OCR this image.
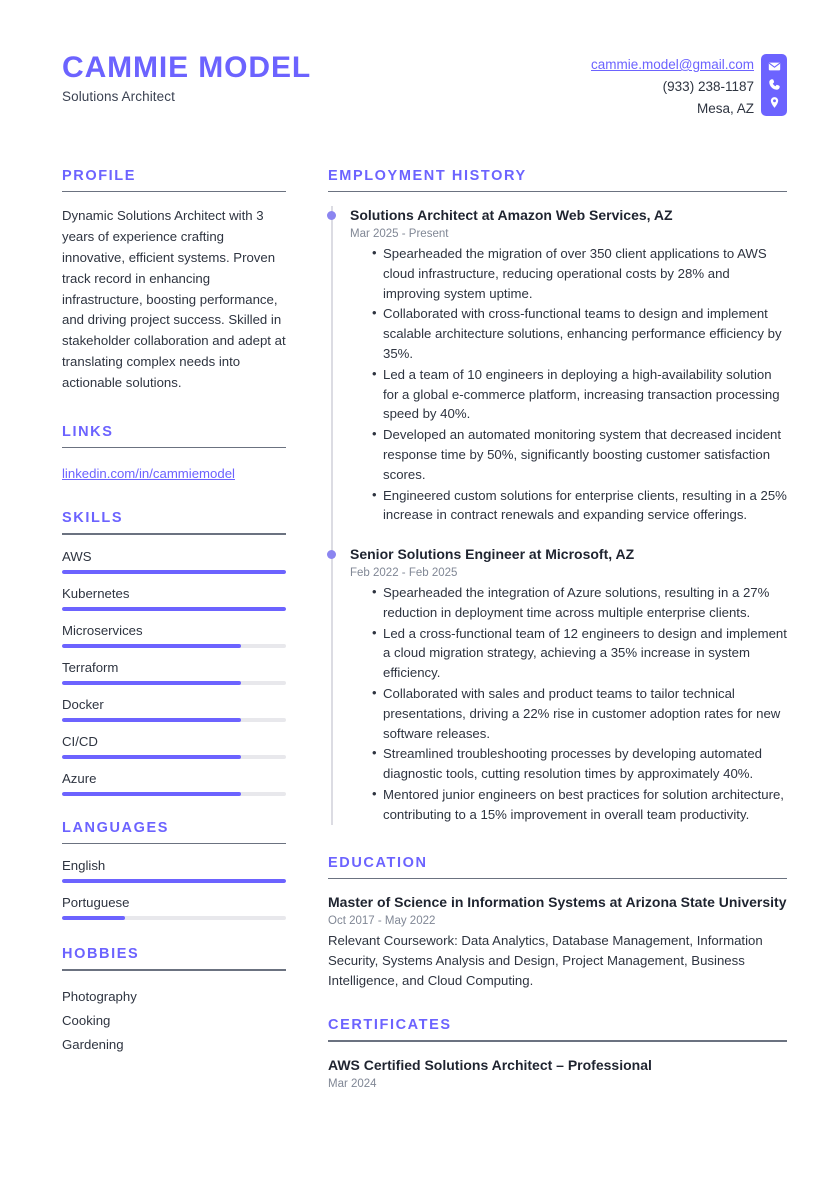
CAMMIE MODEL
Solutions Architect
cammie.model@gmail.com
(933) 238-1187
Mesa, AZ
PROFILE
Dynamic Solutions Architect with 3 years of experience crafting innovative, efficient systems. Proven track record in enhancing infrastructure, boosting performance, and driving project success. Skilled in stakeholder collaboration and adept at translating complex needs into actionable solutions.
LINKS
linkedin.com/in/cammiemodel
SKILLS
AWS
Kubernetes
Microservices
Terraform
Docker
CI/CD
Azure
LANGUAGES
English
Portuguese
HOBBIES
Photography
Cooking
Gardening
EMPLOYMENT HISTORY
Solutions Architect at Amazon Web Services, AZ
Mar 2025 - Present
• Spearheaded the migration of over 350 client applications to AWS cloud infrastructure, reducing operational costs by 28% and improving system uptime.
• Collaborated with cross-functional teams to design and implement scalable architecture solutions, enhancing performance efficiency by 35%.
• Led a team of 10 engineers in deploying a high-availability solution for a global e-commerce platform, increasing transaction processing speed by 40%.
• Developed an automated monitoring system that decreased incident response time by 50%, significantly boosting customer satisfaction scores.
• Engineered custom solutions for enterprise clients, resulting in a 25% increase in contract renewals and expanding service offerings.
Senior Solutions Engineer at Microsoft, AZ
Feb 2022 - Feb 2025
• Spearheaded the integration of Azure solutions, resulting in a 27% reduction in deployment time across multiple enterprise clients.
• Led a cross-functional team of 12 engineers to design and implement a cloud migration strategy, achieving a 35% increase in system efficiency.
• Collaborated with sales and product teams to tailor technical presentations, driving a 22% rise in customer adoption rates for new software releases.
• Streamlined troubleshooting processes by developing automated diagnostic tools, cutting resolution times by approximately 40%.
• Mentored junior engineers on best practices for solution architecture, contributing to a 15% improvement in overall team productivity.
EDUCATION
Master of Science in Information Systems at Arizona State University
Oct 2017 - May 2022
Relevant Coursework: Data Analytics, Database Management, Information Security, Systems Analysis and Design, Project Management, Business Intelligence, and Cloud Computing.
CERTIFICATES
AWS Certified Solutions Architect – Professional
Mar 2024
